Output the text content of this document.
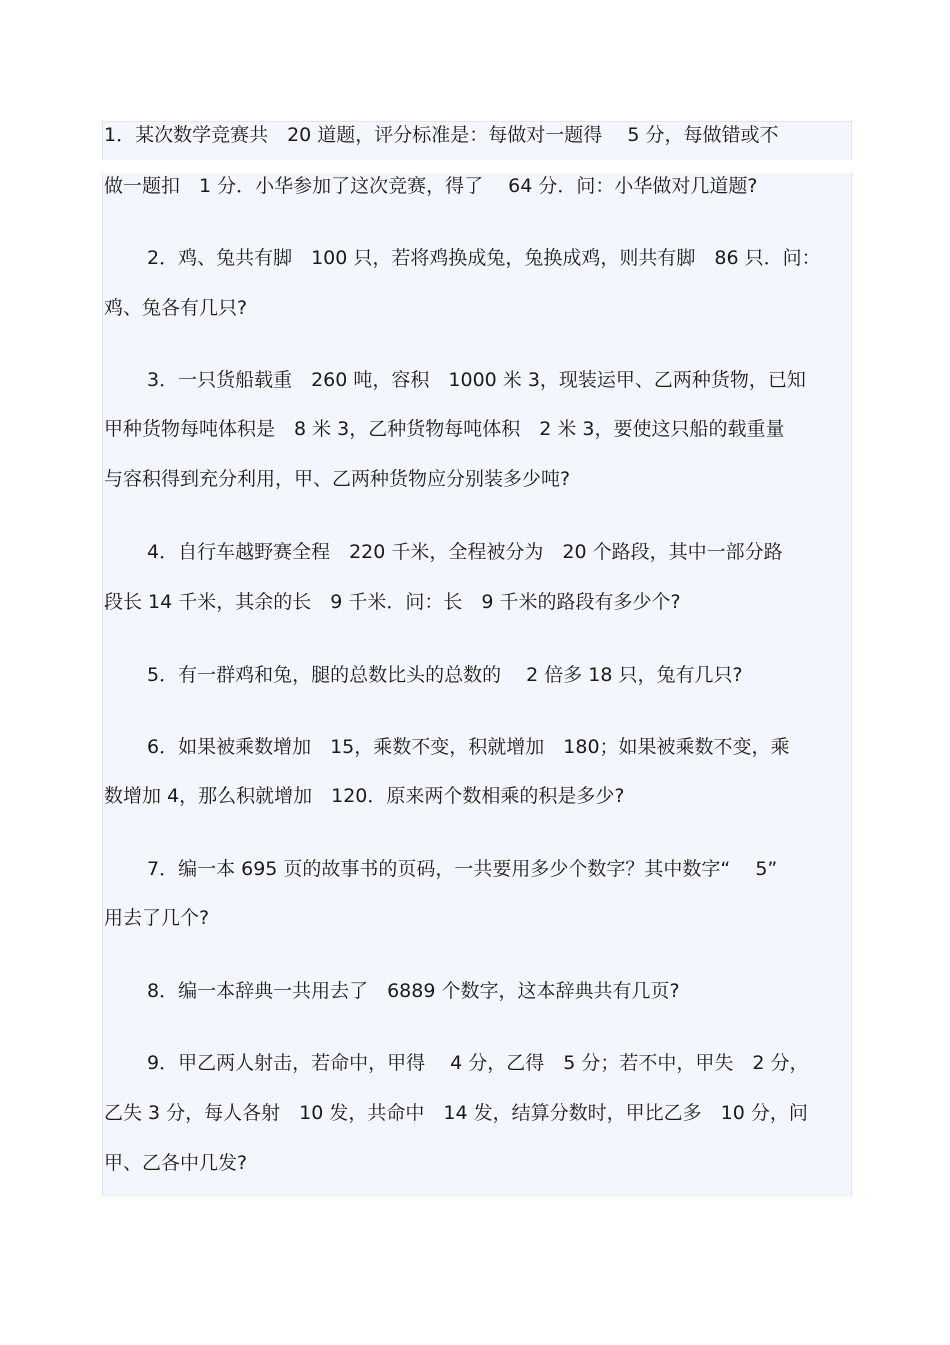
1．某次数学竞赛共　20 道题，评分标准是：每做对一题得　 5 分，每做错或不

做一题扣　1 分．小华参加了这次竞赛，得了　 64 分．问：小华做对几道题?

2．鸡、兔共有脚　100 只，若将鸡换成兔，兔换成鸡，则共有脚　86 只．问：

鸡、兔各有几只?

3．一只货船载重　260 吨，容积　1000 米 3，现装运甲、乙两种货物，已知

甲种货物每吨体积是　8 米 3，乙种货物每吨体积　2 米 3，要使这只船的载重量

与容积得到充分利用，甲、乙两种货物应分别装多少吨?

4．自行车越野赛全程　220 千米，全程被分为　20 个路段，其中一部分路

段长 14 千米，其余的长　9 千米．问：长　9 千米的路段有多少个?

5．有一群鸡和兔，腿的总数比头的总数的　 2 倍多 18 只，兔有几只?

6．如果被乘数增加　15，乘数不变，积就增加　180；如果被乘数不变，乘

数增加 4，那么积就增加　120．原来两个数相乘的积是多少?

7．编一本 695 页的故事书的页码，一共要用多少个数字？其中数字“　 5”

用去了几个?

8．编一本辞典一共用去了　6889 个数字，这本辞典共有几页?

9．甲乙两人射击，若命中，甲得　 4 分，乙得　5 分；若不中，甲失　2 分，

乙失 3 分，每人各射　10 发，共命中　14 发，结算分数时，甲比乙多　10 分，问

甲、乙各中几发?
